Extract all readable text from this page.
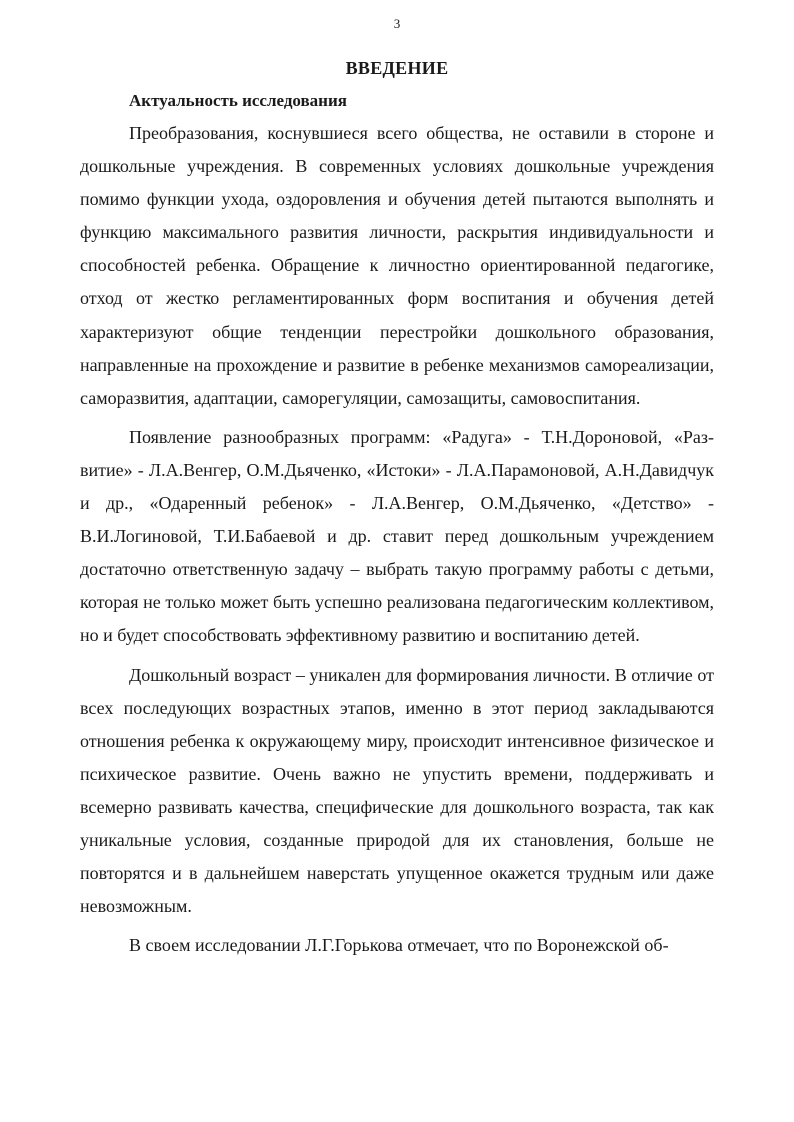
3
ВВЕДЕНИЕ
Актуальность исследования

Преобразования, коснувшиеся всего общества, не оставили в стороне и дошкольные учреждения. В современных условиях дошкольные учреждения помимо функции ухода, оздоровления и обучения детей пытаются выполнять и функцию максимального развития личности, раскрытия индивидуальности и способностей ребенка. Обращение к личностно ориентированной педагогике, отход от жестко регламентированных форм воспитания и обучения детей характеризуют общие тенденции перестройки дошкольного образования, направленные на прохождение и развитие в ребенке механизмов самореализации, саморазвития, адаптации, саморегуляции, самозащиты, самовоспитания.

Появление разнообразных программ: «Радуга» - Т.Н.Дороновой, «Развитие» - Л.А.Венгер, О.М.Дьяченко, «Истоки» - Л.А.Парамоновой, А.Н.Давидчук и др., «Одаренный ребенок» - Л.А.Венгер, О.М.Дьяченко, «Детство» - В.И.Логиновой, Т.И.Бабаевой и др. ставит перед дошкольным учреждением достаточно ответственную задачу – выбрать такую программу работы с детьми, которая не только может быть успешно реализована педагогическим коллективом, но и будет способствовать эффективному развитию и воспитанию детей.

Дошкольный возраст – уникален для формирования личности. В отличие от всех последующих возрастных этапов, именно в этот период закладываются отношения ребенка к окружающему миру, происходит интенсивное физическое и психическое развитие. Очень важно не упустить времени, поддерживать и всемерно развивать качества, специфические для дошкольного возраста, так как уникальные условия, созданные природой для их становления, больше не повторятся и в дальнейшем наверстать упущенное окажется трудным или даже невозможным.

В своем исследовании Л.Г.Горькова отмечает, что по Воронежской об-
